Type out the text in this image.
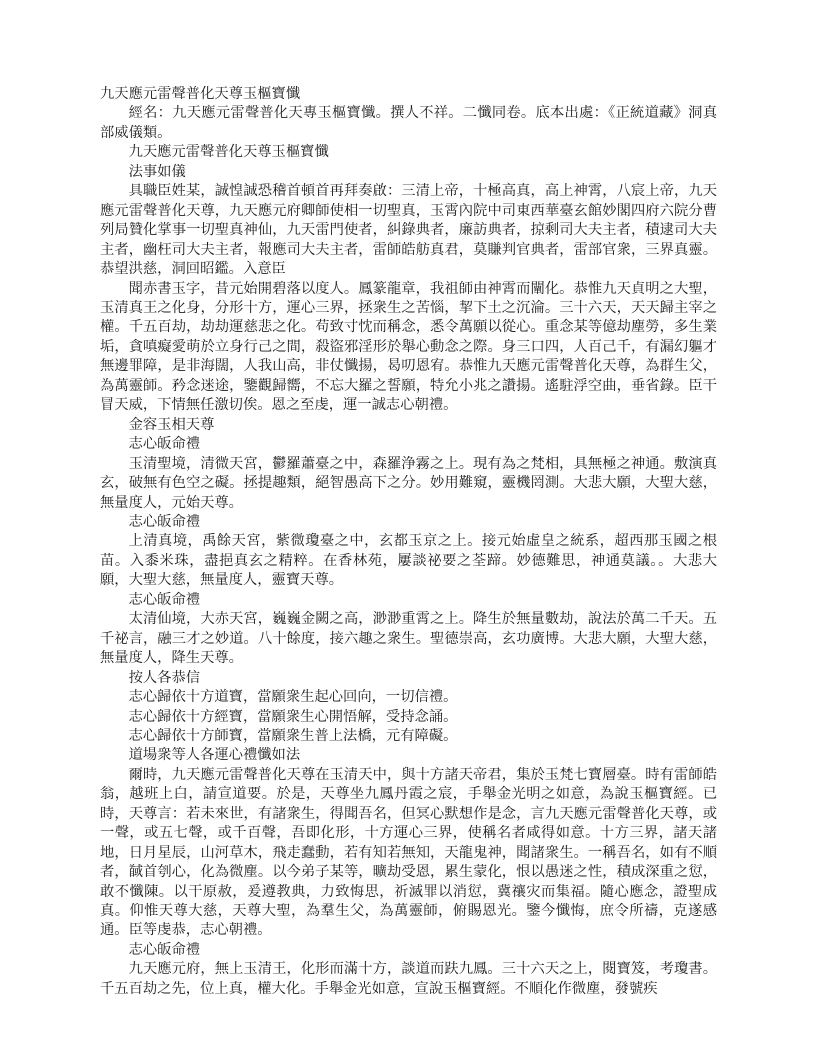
九天應元雷聲普化天尊玉樞寶懺

經名：九天應元雷聲普化天專玉樞寶懺。撰人不祥。二懺同卷。底本出處：《正統道藏》洞真部威儀類。

九天應元雷聲普化天尊玉樞寶懺

法事如儀

具職臣姓某，誠惶誠恐稽首頓首再拜奏啟：三清上帝，十極高真，高上神霄，八宸上帝，九天應元雷聲普化天尊，九天應元府卿師使相一切聖真，玉霄內院中司東西華臺玄館妙閣四府六院分曹列局贊化掌事一切聖真神仙，九天雷門使者，糾錄典者，廉訪典者，掠剩司大夫主者，積逮司大夫主者，幽枉司大夫主者，報應司大夫主者，雷師皓舫真君，莫賺判官典者，雷部官衆，三界真靈。恭望洪慈，洞回昭鑑。入意臣

聞赤書玉字，昔元始開碧落以度人。鳳篆龍章，我祖師由神霄而闡化。恭惟九天貞明之大聖，玉清真王之化身，分形十方，運心三界，拯衆生之苦惱，挈下土之沉淪。三十六天，天天歸主宰之權。千五百劫，劫劫運慈悲之化。苟致寸忱而稱念，悉令萬願以從心。重念某等億劫塵勞，多生業垢，貪嗔癡愛萌於立身行己之間，殺盜邪淫形於舉心動念之際。身三口四，人百己千，有漏幻軀才無邊罪障，是非海闊，人我山高，非仗懺揚，曷叨恩宥。恭惟九天應元雷聲普化天尊，為群生父，為萬靈師。矜念迷途，鑒觀歸嚮，不忘大羅之誓願，特允小兆之讚揚。遙駐浮空曲，垂省錄。臣干冒天威，下情無任激切俟。恩之至虔，運一誠志心朝禮。

金容玉相天尊

志心皈命禮

玉清聖境，清微天宮，鬱羅蕭臺之中，森羅浄霧之上。現有為之梵相，具無極之神通。敷演真玄，破無有色空之礙。拯提趣類，絕智愚高下之分。妙用難窺，靈機罔測。大悲大願，大聖大慈，無量度人，元始天尊。

志心皈命禮

上清真境，禹餘天宮，紫微瓊臺之中，玄都玉京之上。接元始虛皇之統系，超西那玉國之根苗。入黍米珠，盡挹真玄之精粹。在香林苑，屢談祕要之荃蹄。妙德難思，神通莫議。。大悲大願，大聖大慈，無量度人，靈寶天尊。

志心皈命禮

太清仙境，大赤天宮，巍巍金闕之高，渺渺重霄之上。降生於無量數劫，說法於萬二千天。五千祕言，融三才之妙道。八十餘度，接六趣之衆生。聖德崇高，玄功廣博。大悲大願，大聖大慈，無量度人，降生天尊。

按人各恭信

志心歸依十方道寶，當願衆生起心回向，一切信禮。

志心歸依十方經寶，當願衆生心開悟解，受持念誦。

志心歸依十方師寶，當願衆生普上法橋，元有障礙。

道場衆等人各運心禮懺如法

爾時，九天應元雷聲普化天尊在玉清天中，與十方諸天帝君，集於玉梵七寶層臺。時有雷師皓翁，越班上白，請宣道要。於是，天尊坐九鳳丹霞之宸，手舉金光明之如意，為說玉樞寶經。已時，天尊言：若未來世，有諸衆生，得聞吾名，但冥心默想作是念，言九天應元雷聲普化天尊，或一聲，或五七聲，或千百聲，吾即化形，十方運心三界，使稱名者咸得如意。十方三界，諸天諸地，日月星辰，山河草木，飛走蠢動，若有知若無知，天龍鬼神，聞諸衆生。一稱吾名，如有不順者，馘首刳心，化為微塵。以今弟子某等，曠劫受恩，累生蒙化，恨以愚迷之性，積成深重之愆，敢不懺陳。以干原赦，爰遵教典，力致悔思，祈滅罪以消愆，冀禳灾而集福。隨心應念，證聖成真。仰惟天尊大慈，天尊大聖，為羣生父，為萬靈師，俯賜恩光。鑒今懺悔，庶令所禱，克遂感通。臣等虔恭，志心朝禮。

志心皈命禮

九天應元府，無上玉清王，化形而滿十方，談道而趺九鳳。三十六天之上，閱寶笈，考瓊書。千五百劫之先，位上真，權大化。手舉金光如意，宣說玉樞寶經。不順化作微塵，發號疾
